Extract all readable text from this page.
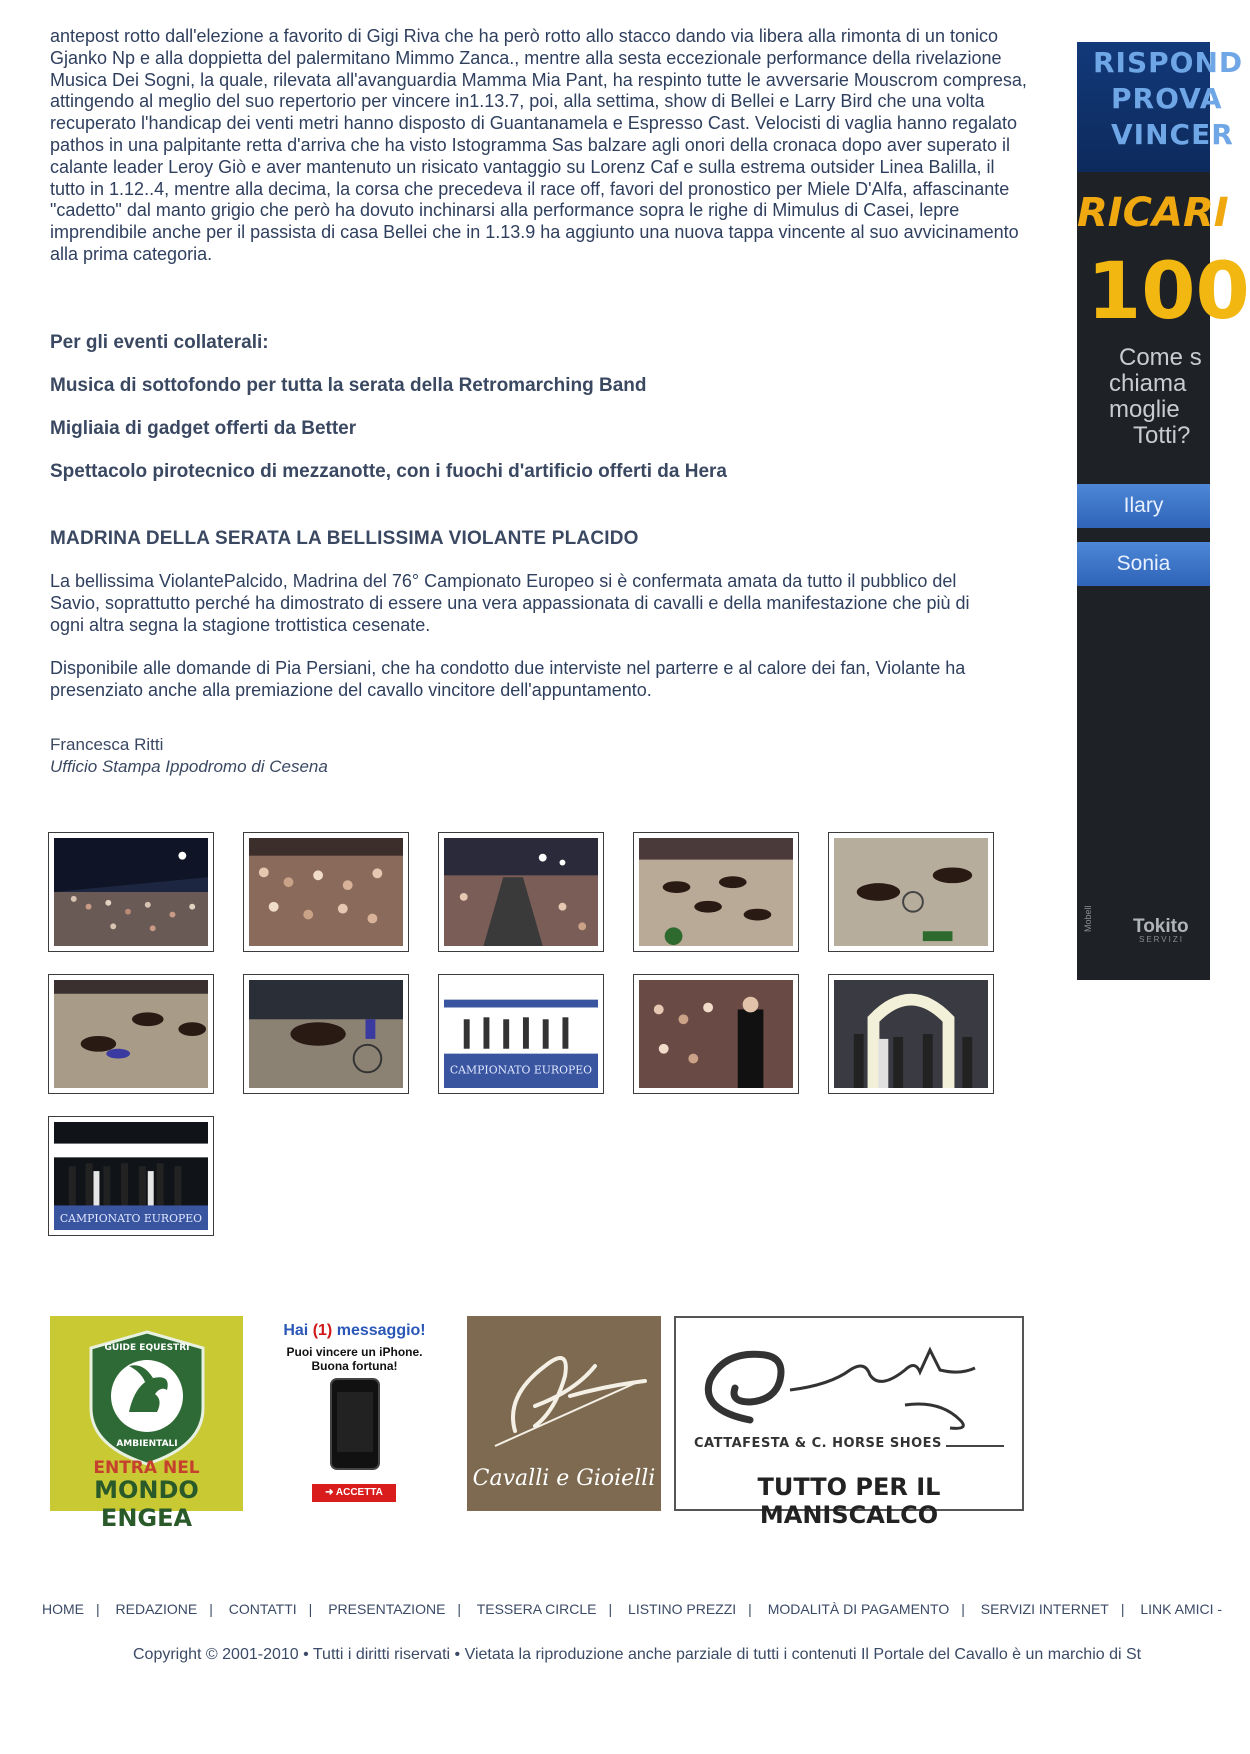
antepost rotto dall'elezione a favorito di Gigi Riva che ha però rotto allo stacco dando via libera alla rimonta di un tonico Gjanko Np e alla doppietta del palermitano Mimmo Zanca., mentre alla sesta eccezionale performance della rivelazione Musica Dei Sogni, la quale, rilevata all'avanguardia Mamma Mia Pant, ha respinto tutte le avversarie Mouscrom compresa, attingendo al meglio del suo repertorio per vincere in1.13.7, poi, alla settima, show di Bellei e Larry Bird che una volta recuperato l'handicap dei venti metri hanno disposto di Guantanamela e Espresso Cast. Velocisti di vaglia hanno regalato pathos in una palpitante retta d'arriva che ha visto Istogramma Sas balzare agli onori della cronaca dopo aver superato il calante leader Leroy Giò e aver mantenuto un risicato vantaggio su Lorenz Caf e sulla estrema outsider Linea Balilla, il tutto in 1.12..4, mentre alla decima, la corsa che precedeva il race off, favori del pronostico per Miele D'Alfa, affascinante "cadetto" dal manto grigio che però ha dovuto inchinarsi alla performance sopra le righe di Mimulus di Casei, lepre imprendibile anche per il passista di casa Bellei che in 1.13.9 ha aggiunto una nuova tappa vincente al suo avvicinamento alla prima categoria.

Per gli eventi collaterali:

Musica di sottofondo per tutta la serata della Retromarching Band

Migliaia di gadget offerti da Better

Spettacolo pirotecnico di mezzanotte, con i fuochi d'artificio offerti da Hera

MADRINA DELLA SERATA LA BELLISSIMA VIOLANTE PLACIDO

La bellissima ViolantePalcido, Madrina del 76° Campionato Europeo si è confermata amata da tutto il pubblico del Savio, soprattutto perché ha dimostrato di essere una vera appassionata di cavalli e della manifestazione che più di ogni altra segna la stagione trottistica cesenate.

Disponibile alle domande di Pia Persiani, che ha condotto due interviste nel parterre e al calore dei fan, Violante ha presenziato anche alla premiazione del cavallo vincitore dell'appuntamento.

Francesca Ritti

Ufficio Stampa Ippodromo di Cesena

CAMPIONATO EUROPEO
CAMPIONATO EUROPEO
RISPOND
PROVA
VINCER
RICARI
100
Come s
chiama
moglie
Totti?
Ilary
Sonia
Tokito
SERVIZI
Mobell
GUIDE EQUESTRI
AMBIENTALI
ENTRA NEL
MONDO ENGEA
Hai (1) messaggio!
Puoi vincere un iPhone.
Buona fortuna!
➜ ACCETTA
Cavalli e Gioielli
CATTAFESTA & C. HORSE SHOES
TUTTO PER IL MANISCALCO
HOME | REDAZIONE | CONTATTI | PRESENTAZIONE | TESSERA CIRCLE | LISTINO PREZZI | MODALITÀ DI PAGAMENTO | SERVIZI INTERNET | LINK AMICI -
Copyright © 2001-2010 • Tutti i diritti riservati • Vietata la riproduzione anche parziale di tutti i contenuti Il Portale del Cavallo è un marchio di St
